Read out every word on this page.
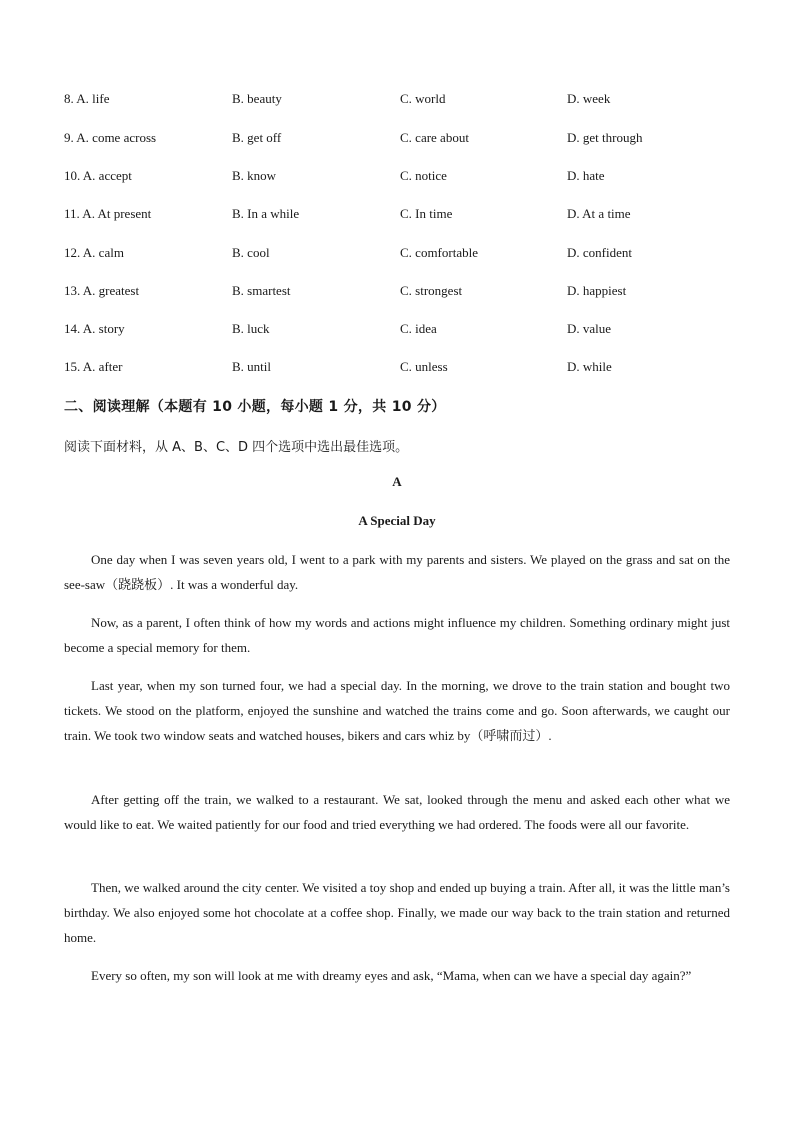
8. A. life	B. beauty	C. world	D. week
9. A. come across	B. get off	C. care about	D. get through
10. A. accept	B. know	C. notice	D. hate
11. A. At present	B. In a while	C. In time	D. At a time
12. A. calm	B. cool	C. comfortable	D. confident
13. A. greatest	B. smartest	C. strongest	D. happiest
14. A. story	B. luck	C. idea	D. value
15. A. after	B. until	C. unless	D. while
二、阅读理解（本题有 10 小题，每小题 1 分，共 10 分）
阅读下面材料，从 A、B、C、D 四个选项中选出最佳选项。
A
A Special Day

One day when I was seven years old, I went to a park with my parents and sisters. We played on the grass and sat on the see-saw（跷跷板）. It was a wonderful day.

Now, as a parent, I often think of how my words and actions might influence my children. Something ordinary might just become a special memory for them.

Last year, when my son turned four, we had a special day. In the morning, we drove to the train station and bought two tickets. We stood on the platform, enjoyed the sunshine and watched the trains come and go. Soon afterwards, we caught our train. We took two window seats and watched houses, bikers and cars whiz by（呼啸而过）.

After getting off the train, we walked to a restaurant. We sat, looked through the menu and asked each other what we would like to eat. We waited patiently for our food and tried everything we had ordered. The foods were all our favorite.

Then, we walked around the city center. We visited a toy shop and ended up buying a train. After all, it was the little man’s birthday. We also enjoyed some hot chocolate at a coffee shop. Finally, we made our way back to the train station and returned home.

Every so often, my son will look at me with dreamy eyes and ask, “Mama, when can we have a special day again?”
